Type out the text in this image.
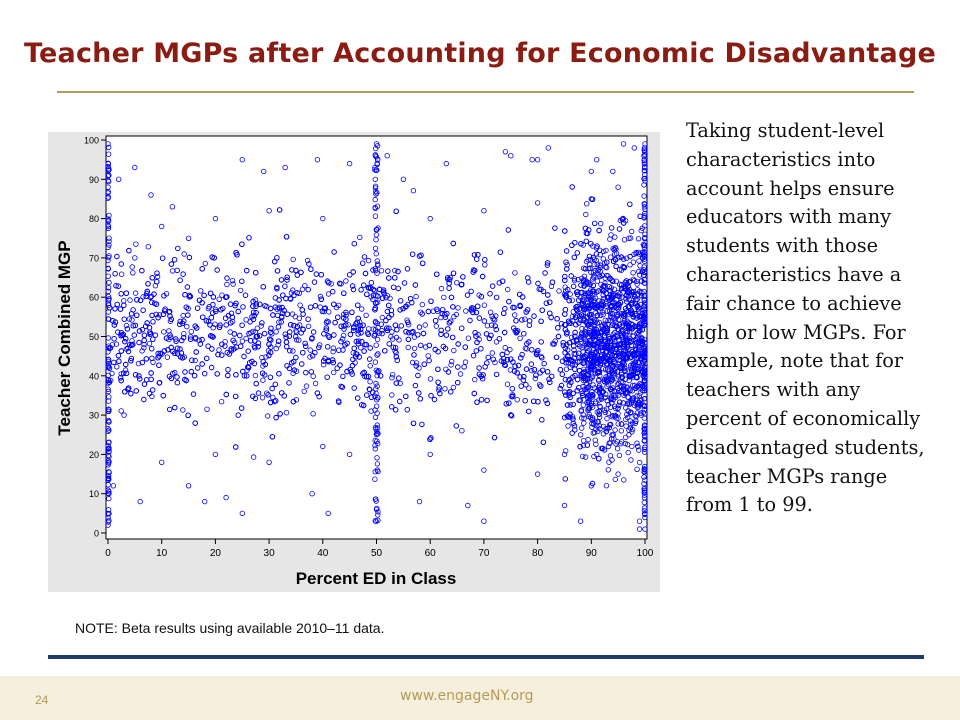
Teacher MGPs after Accounting for Economic Disadvantage
0	10	20	30	40	50	60	70	80	90	100
0
10
20
30
40
50
60
70
80
90
100
Percent ED in Class
Teacher Combined MGP
Taking student-level characteristics into account helps ensure educators with many students with those characteristics have a fair chance to achieve high or low MGPs. For example, note that for teachers with any percent of economically disadvantaged students, teacher MGPs range from 1 to 99.
NOTE: Beta results using available 2010–11 data.
24	www.engageNY.org
